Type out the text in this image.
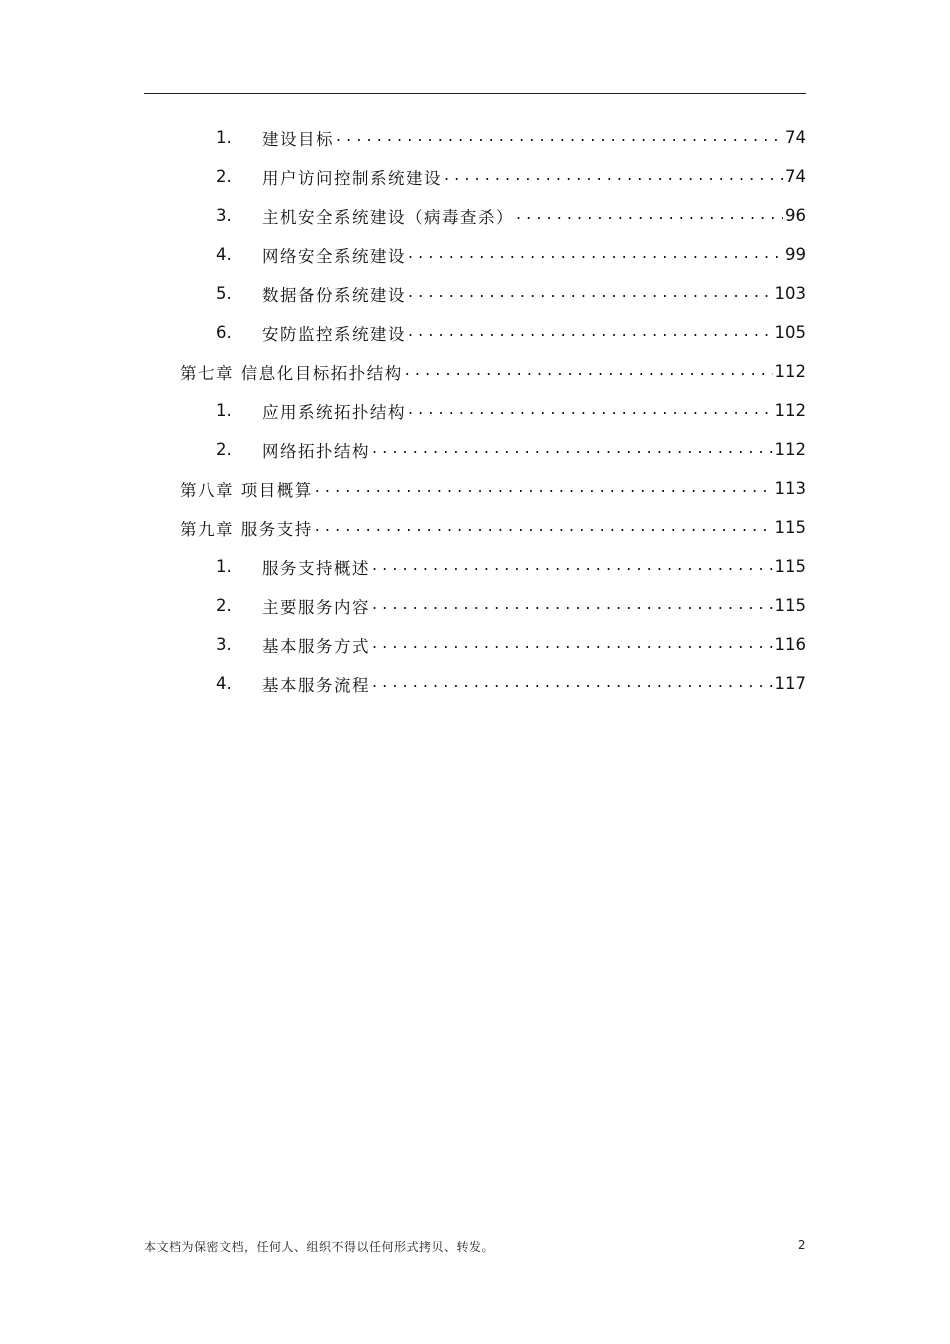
1.	建设目标 . . .	74
2.	用户访问控制系统建设 . . .	74
3.	主机安全系统建设（病毒查杀） . . .	96
4.	网络安全系统建设 . . .	99
5.	数据备份系统建设 . . .	103
6.	安防监控系统建设 . . .	105
第七章 信息化目标拓扑结构 . . .	112
1.	应用系统拓扑结构 . . .	112
2.	网络拓扑结构 . . .	112
第八章 项目概算 . . .	113
第九章 服务支持 . . .	115
1.	服务支持概述 . . .	115
2.	主要服务内容 . . .	115
3.	基本服务方式 . . .	116
4.	基本服务流程 . . .	117
本文档为保密文档，任何人、组织不得以任何形式拷贝、转发。	2
